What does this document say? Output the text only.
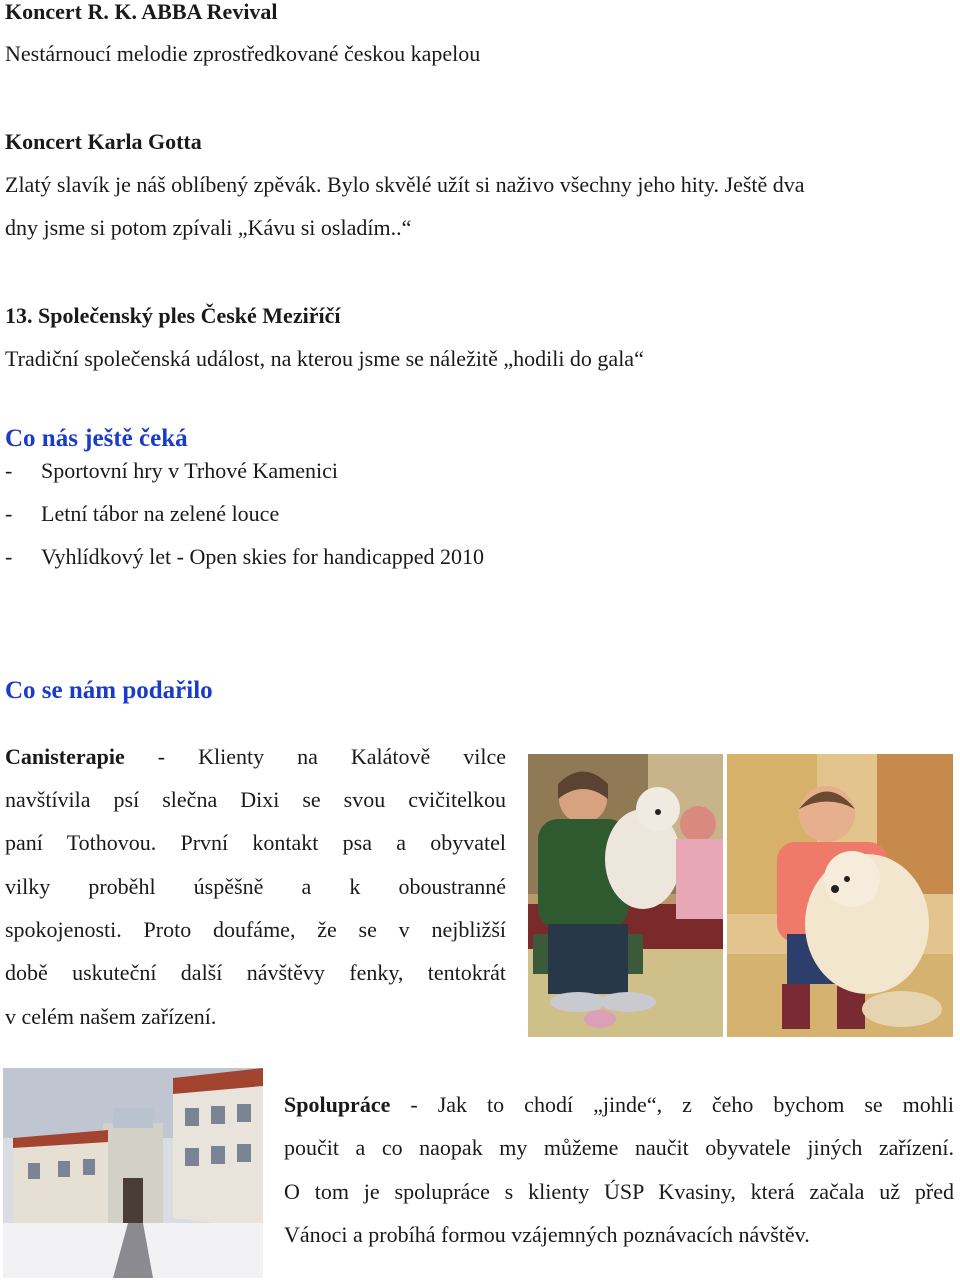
Koncert R. K. ABBA Revival
Nestárnoucí melodie zprostředkované českou kapelou
Koncert Karla Gotta
Zlatý slavík je náš oblíbený zpěvák. Bylo skvělé užít si naživo všechny jeho hity. Ještě dva
dny jsme si potom zpívali „Kávu si osladím..“
13. Společenský ples České Meziříčí
Tradiční společenská událost, na kterou jsme se náležitě „hodili do gala“
Co nás ještě čeká
- Sportovní hry v Trhové Kamenici
- Letní tábor na zelené louce
- Vyhlídkový let - Open skies for handicapped 2010
Co se nám podařilo
Canisterapie - Klienty na Kalátově vilce
navštívila psí slečna Dixi se svou cvičitelkou
paní Tothovou. První kontakt psa a obyvatel
vilky proběhl úspěšně a k oboustranné
spokojenosti. Proto doufáme, že se v nejbližší
době uskuteční další návštěvy fenky, tentokrát
v celém našem zařízení.
Spolupráce - Jak to chodí „jinde“, z čeho bychom se mohli
poučit a co naopak my můžeme naučit obyvatele jiných zařízení.
O tom je spolupráce s klienty ÚSP Kvasiny, která začala už před
Vánoci a probíhá formou vzájemných poznávacích návštěv.
